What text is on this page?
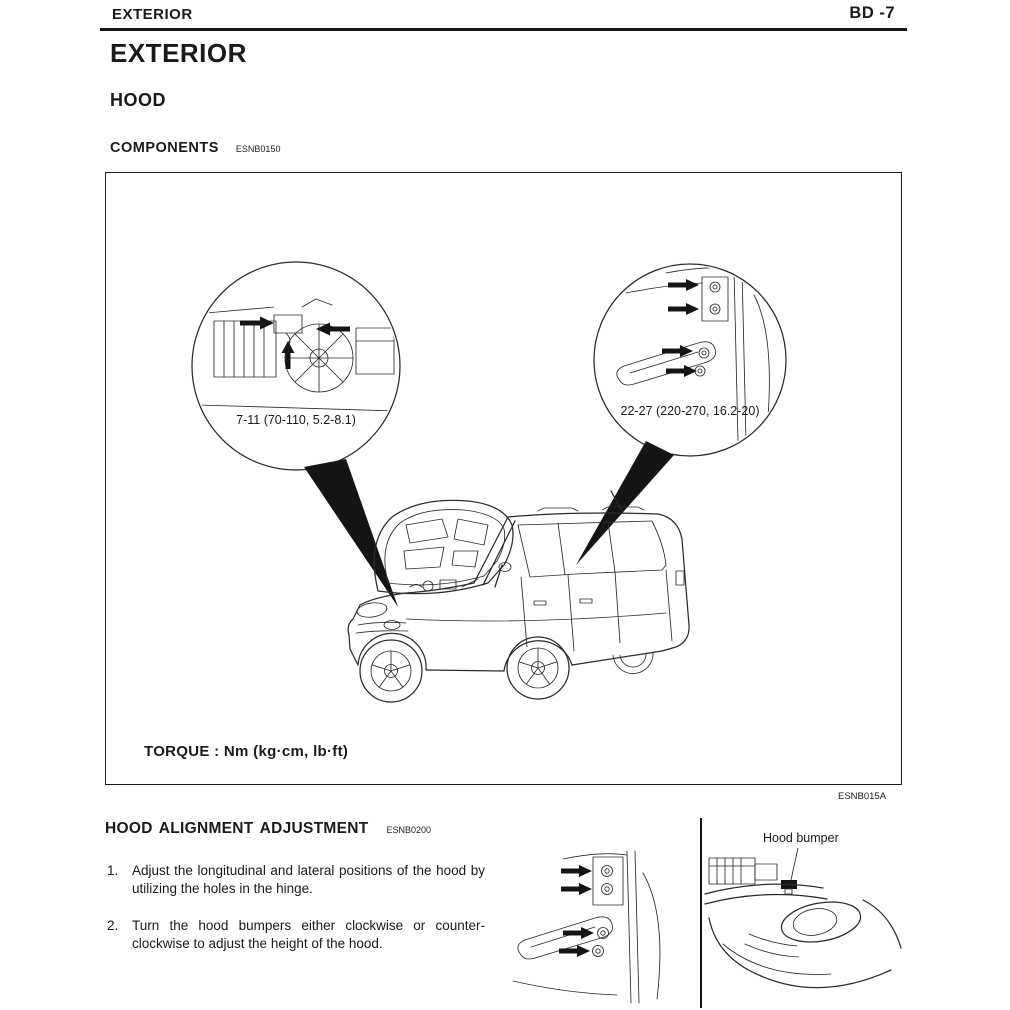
EXTERIOR	BD -7
EXTERIOR
HOOD
COMPONENTS ESNB0150
7-11 (70-110, 5.2-8.1)
22-27 (220-270, 16.2-20)
TORQUE : Nm (kg·cm, lb·ft)
ESNB015A
HOOD ALIGNMENT ADJUSTMENT ESNB0200
1. Adjust the longitudinal and lateral positions of the hood by utilizing the holes in the hinge.
2. Turn the hood bumpers either clockwise or counter-clockwise to adjust the height of the hood.
Hood bumper
